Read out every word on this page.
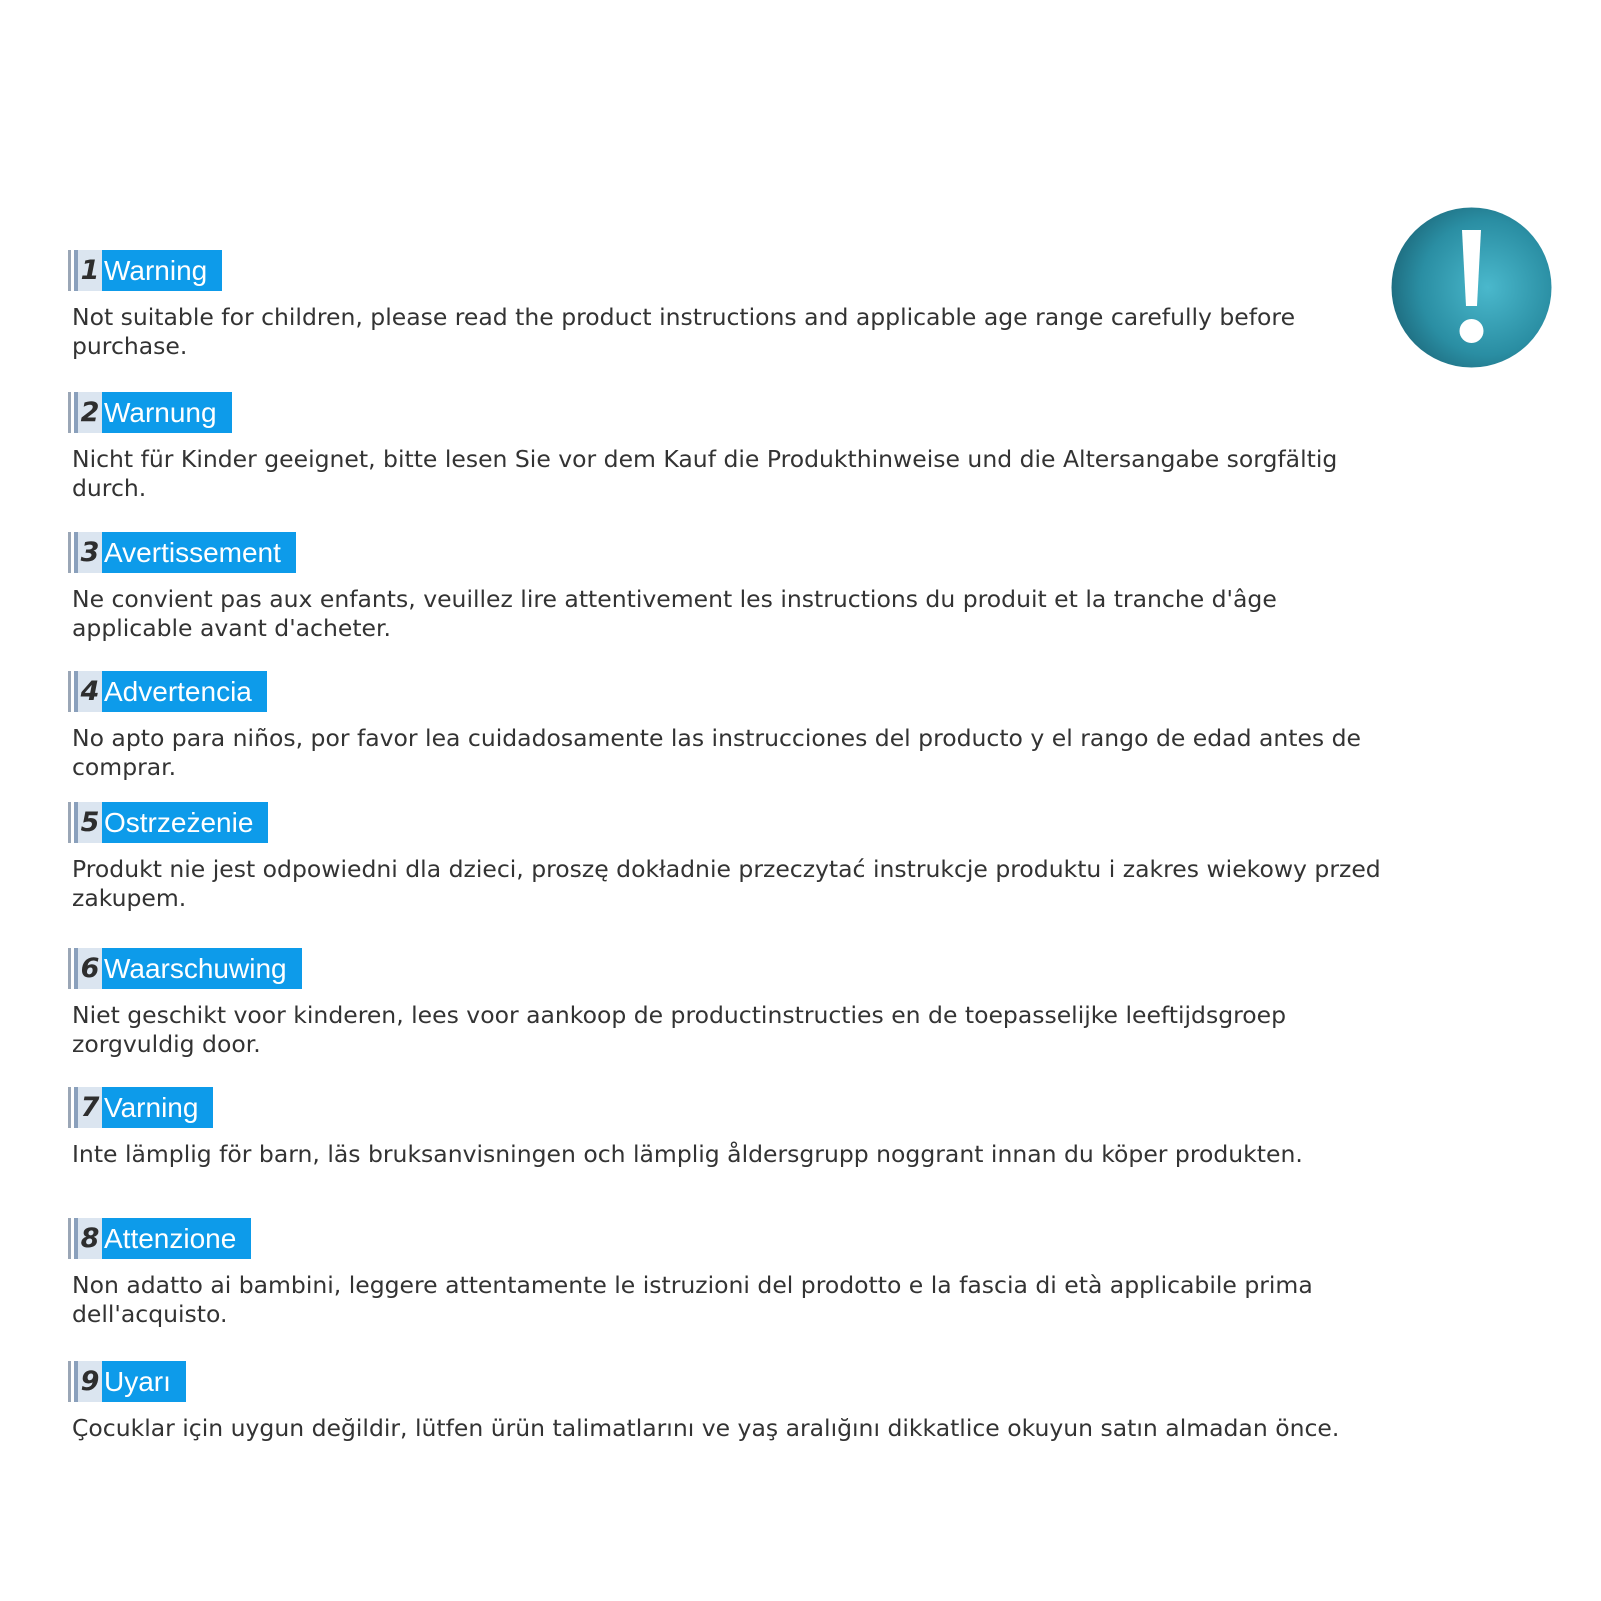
1 Warning
Not suitable for children, please read the product instructions and applicable age range carefully before purchase.
2 Warnung
Nicht für Kinder geeignet, bitte lesen Sie vor dem Kauf die Produkthinweise und die Altersangabe sorgfältig durch.
3 Avertissement
Ne convient pas aux enfants, veuillez lire attentivement les instructions du produit et la tranche d'âge applicable avant d'acheter.
4 Advertencia
No apto para niños, por favor lea cuidadosamente las instrucciones del producto y el rango de edad antes de comprar.
5 Ostrzeżenie
Produkt nie jest odpowiedni dla dzieci, proszę dokładnie przeczytać instrukcje produktu i zakres wiekowy przed zakupem.
6 Waarschuwing
Niet geschikt voor kinderen, lees voor aankoop de productinstructies en de toepasselijke leeftijdsgroep zorgvuldig door.
7 Varning
Inte lämplig för barn, läs bruksanvisningen och lämplig åldersgrupp noggrant innan du köper produkten.
8 Attenzione
Non adatto ai bambini, leggere attentamente le istruzioni del prodotto e la fascia di età applicabile prima dell'acquisto.
9 Uyarı
Çocuklar için uygun değildir, lütfen ürün talimatlarını ve yaş aralığını dikkatlice okuyun satın almadan önce.
